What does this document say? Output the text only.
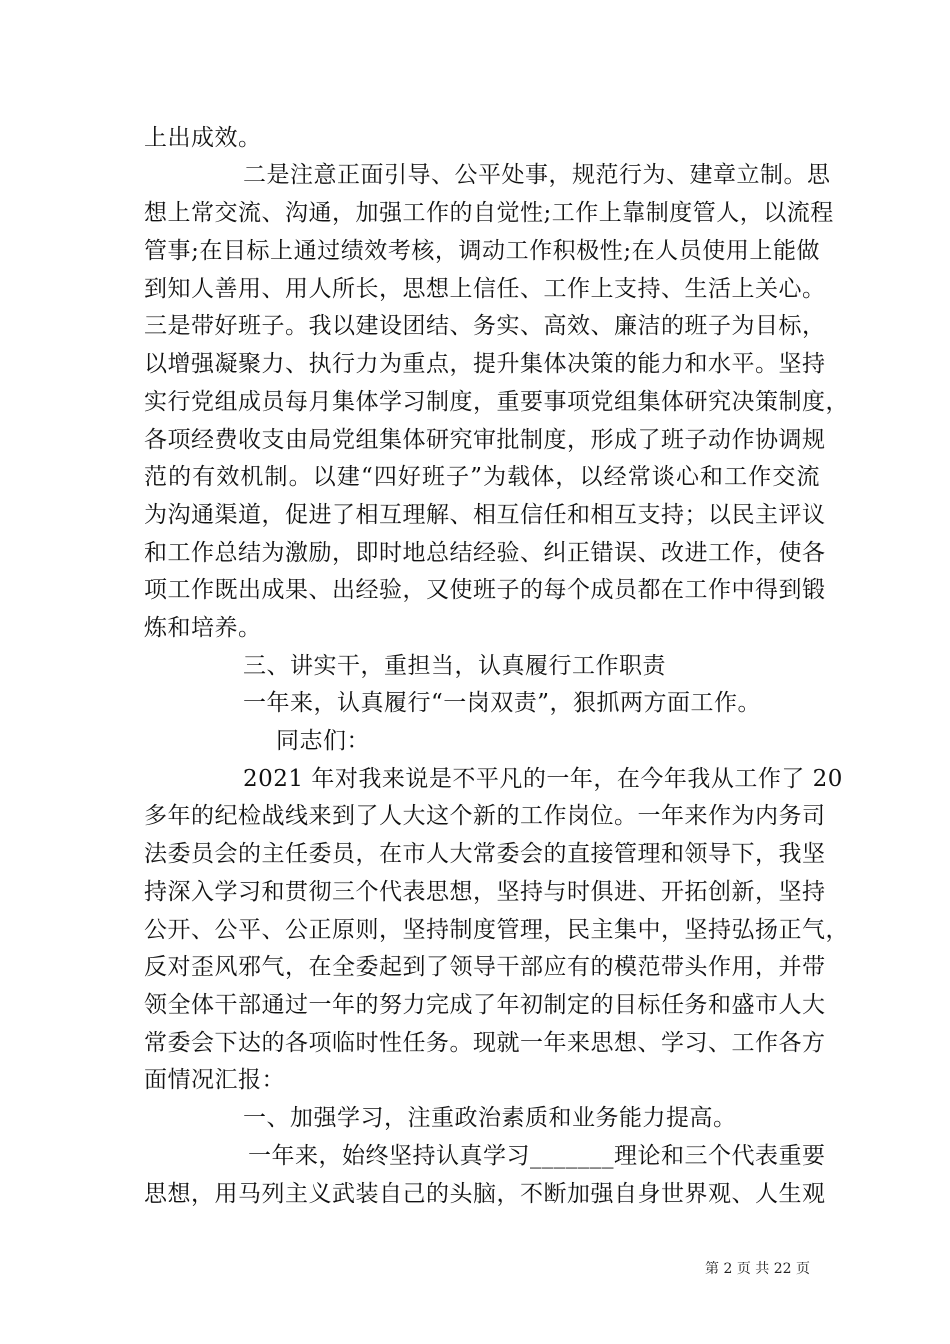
上出成效。
二是注意正面引导、公平处事，规范行为、建章立制。思
想上常交流、沟通，加强工作的自觉性;工作上靠制度管人，以流程
管事;在目标上通过绩效考核，调动工作积极性;在人员使用上能做
到知人善用、用人所长，思想上信任、工作上支持、生活上关心。
三是带好班子。我以建设团结、务实、高效、廉洁的班子为目标，
以增强凝聚力、执行力为重点，提升集体决策的能力和水平。坚持
实行党组成员每月集体学习制度，重要事项党组集体研究决策制度，
各项经费收支由局党组集体研究审批制度，形成了班子动作协调规
范的有效机制。以建“四好班子”为载体，以经常谈心和工作交流
为沟通渠道，促进了相互理解、相互信任和相互支持；以民主评议
和工作总结为激励，即时地总结经验、纠正错误、改进工作，使各
项工作既出成果、出经验，又使班子的每个成员都在工作中得到锻
炼和培养。
三、讲实干，重担当，认真履行工作职责
一年来，认真履行“一岗双责”，狠抓两方面工作。
同志们：
2021 年对我来说是不平凡的一年，在今年我从工作了 20
多年的纪检战线来到了人大这个新的工作岗位。一年来作为内务司
法委员会的主任委员，在市人大常委会的直接管理和领导下，我坚
持深入学习和贯彻三个代表思想，坚持与时俱进、开拓创新，坚持
公开、公平、公正原则，坚持制度管理，民主集中，坚持弘扬正气，
反对歪风邪气，在全委起到了领导干部应有的模范带头作用，并带
领全体干部通过一年的努力完成了年初制定的目标任务和盛市人大
常委会下达的各项临时性任务。现就一年来思想、学习、工作各方
面情况汇报：
一、加强学习，注重政治素质和业务能力提高。
一年来，始终坚持认真学习_______理论和三个代表重要
思想，用马列主义武装自己的头脑，不断加强自身世界观、人生观
第 2 页 共 22 页
